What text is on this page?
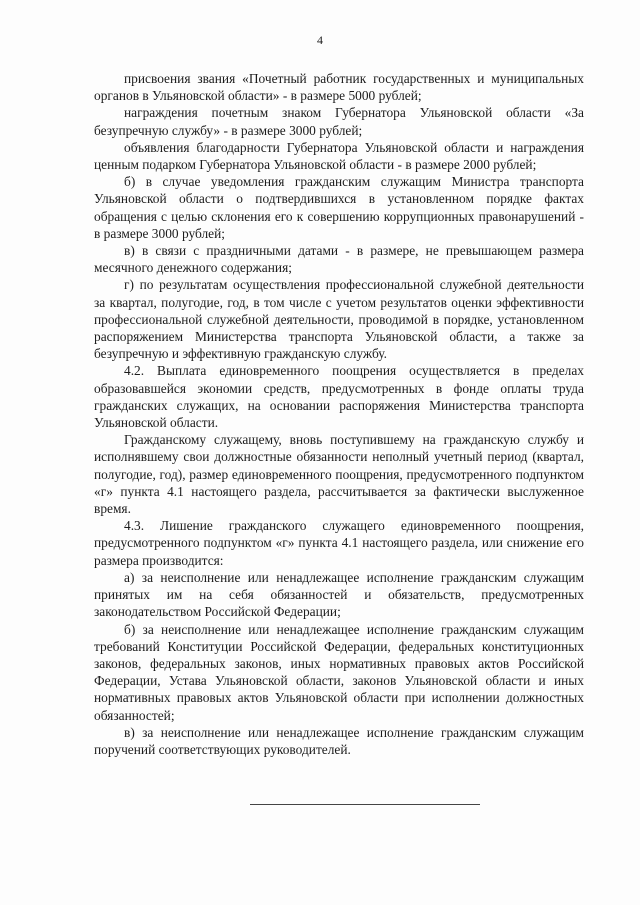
4

присвоения звания «Почетный работник государственных и муниципальных органов в Ульяновской области» - в размере 5000 рублей;

награждения почетным знаком Губернатора Ульяновской области «За безупречную службу» - в размере 3000 рублей;

объявления благодарности Губернатора Ульяновской области и награждения ценным подарком Губернатора Ульяновской области - в размере 2000 рублей;

б) в случае уведомления гражданским служащим Министра транспорта Ульяновской области о подтвердившихся в установленном порядке фактах обращения с целью склонения его к совершению коррупционных правонарушений - в размере 3000 рублей;

в) в связи с праздничными датами - в размере, не превышающем размера месячного денежного содержания;

г) по результатам осуществления профессиональной служебной деятельности за квартал, полугодие, год, в том числе с учетом результатов оценки эффективности профессиональной служебной деятельности, проводимой в порядке, установленном распоряжением Министерства транспорта Ульяновской области, а также за безупречную и эффективную гражданскую службу.

4.2. Выплата единовременного поощрения осуществляется в пределах образовавшейся экономии средств, предусмотренных в фонде оплаты труда гражданских служащих, на основании распоряжения Министерства транспорта Ульяновской области.

Гражданскому служащему, вновь поступившему на гражданскую службу и исполнявшему свои должностные обязанности неполный учетный период (квартал, полугодие, год), размер единовременного поощрения, предусмотренного подпунктом «г» пункта 4.1 настоящего раздела, рассчитывается за фактически выслуженное время.

4.3. Лишение гражданского служащего единовременного поощрения, предусмотренного подпунктом «г» пункта 4.1 настоящего раздела, или снижение его размера производится:

а) за неисполнение или ненадлежащее исполнение гражданским служащим принятых им на себя обязанностей и обязательств, предусмотренных законодательством Российской Федерации;

б) за неисполнение или ненадлежащее исполнение гражданским служащим требований Конституции Российской Федерации, федеральных конституционных законов, федеральных законов, иных нормативных правовых актов Российской Федерации, Устава Ульяновской области, законов Ульяновской области и иных нормативных правовых актов Ульяновской области при исполнении должностных обязанностей;

в) за неисполнение или ненадлежащее исполнение гражданским служащим поручений соответствующих руководителей.
